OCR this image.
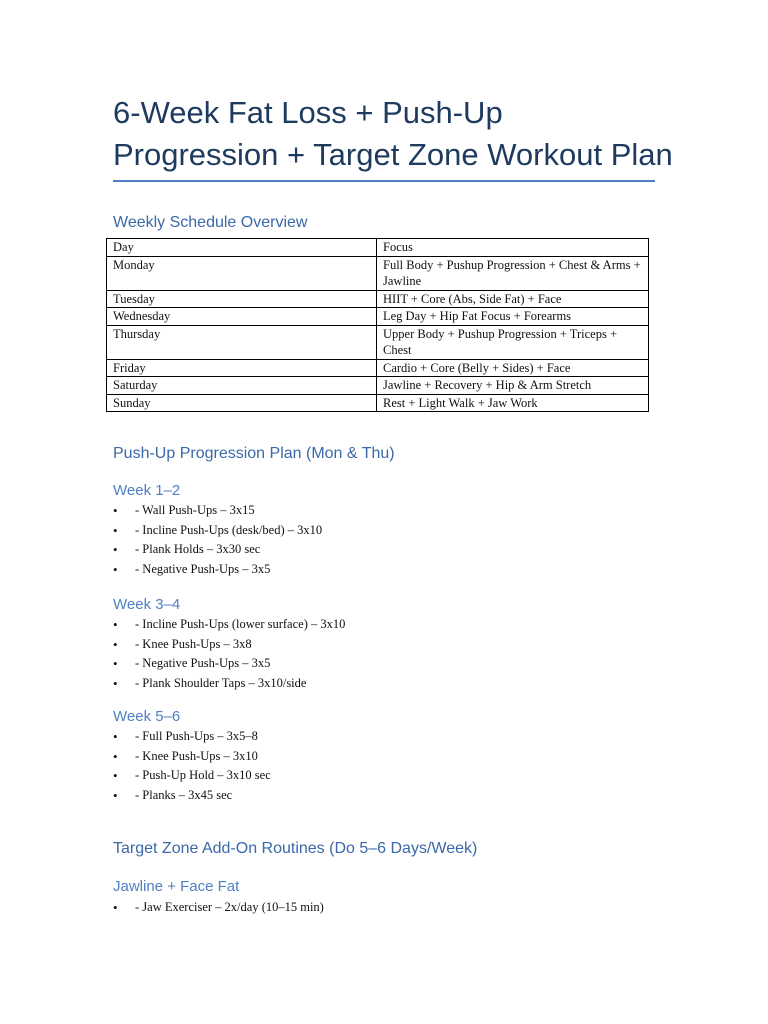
6-Week Fat Loss + Push-Up Progression + Target Zone Workout Plan
Weekly Schedule Overview
Day	Focus
Monday	Full Body + Pushup Progression + Chest & Arms + Jawline
Tuesday	HIIT + Core (Abs, Side Fat) + Face
Wednesday	Leg Day + Hip Fat Focus + Forearms
Thursday	Upper Body + Pushup Progression + Triceps + Chest
Friday	Cardio + Core (Belly + Sides) + Face
Saturday	Jawline + Recovery + Hip & Arm Stretch
Sunday	Rest + Light Walk + Jaw Work
Push-Up Progression Plan (Mon & Thu)
Week 1–2
• - Wall Push-Ups – 3x15
• - Incline Push-Ups (desk/bed) – 3x10
• - Plank Holds – 3x30 sec
• - Negative Push-Ups – 3x5
Week 3–4
• - Incline Push-Ups (lower surface) – 3x10
• - Knee Push-Ups – 3x8
• - Negative Push-Ups – 3x5
• - Plank Shoulder Taps – 3x10/side
Week 5–6
• - Full Push-Ups – 3x5–8
• - Knee Push-Ups – 3x10
• - Push-Up Hold – 3x10 sec
• - Planks – 3x45 sec
Target Zone Add-On Routines (Do 5–6 Days/Week)
Jawline + Face Fat
• - Jaw Exerciser – 2x/day (10–15 min)
